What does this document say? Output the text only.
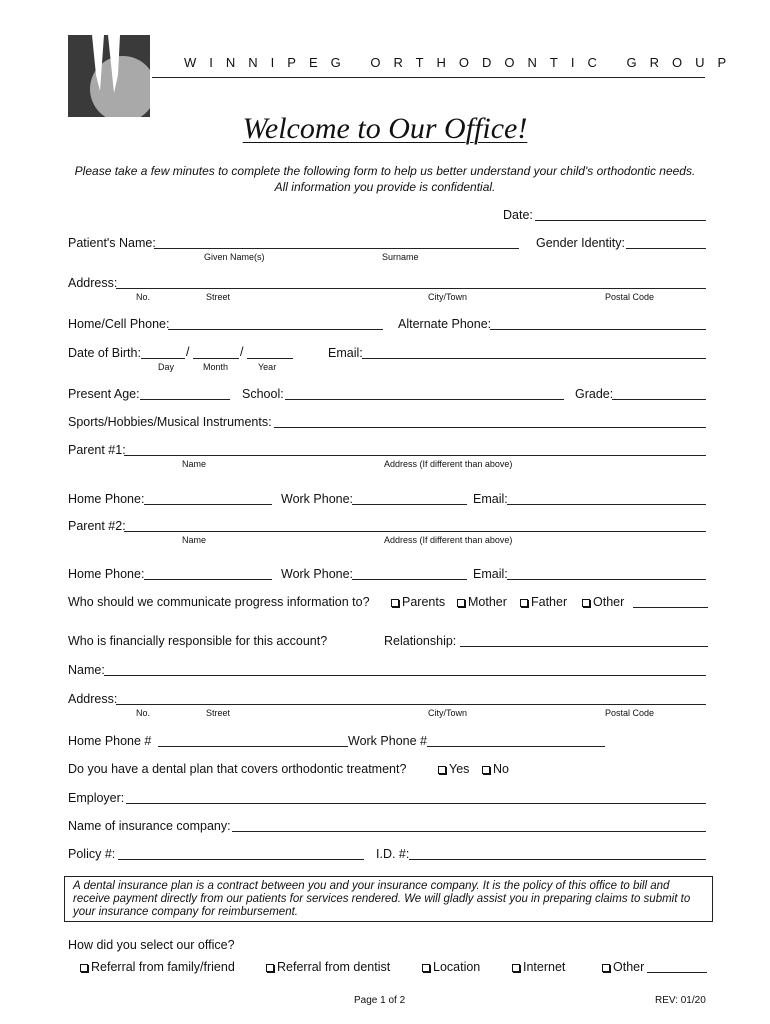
WINNIPEG ORTHODONTIC GROUP
Welcome to Our Office!
Please take a few minutes to complete the following form to help us better understand your child's orthodontic needs.
All information you provide is confidential.
Date:
Patient's Name:
Given Name(s)	Surname
Gender Identity:
Address:
No.	Street	City/Town	Postal Code
Home/Cell Phone:	Alternate Phone:
Date of Birth:	/	/
Day	Month	Year
Email:
Present Age:	School:	Grade:
Sports/Hobbies/Musical Instruments:
Parent #1:
Name	Address (If different than above)
Home Phone:	Work Phone:	Email:
Parent #2:
Name	Address (If different than above)
Home Phone:	Work Phone:	Email:
Who should we communicate progress information to?	Parents	Mother	Father	Other
Who is financially responsible for this account?	Relationship:
Name:
Address:
No.	Street	City/Town	Postal Code
Home Phone #	Work Phone #
Do you have a dental plan that covers orthodontic treatment?	Yes	No
Employer:
Name of insurance company:
Policy #:	I.D. #:
A dental insurance plan is a contract between you and your insurance company. It is the policy of this office to bill and receive payment directly from our patients for services rendered. We will gladly assist you in preparing claims to submit to your insurance company for reimbursement.
How did you select our office?
Referral from family/friend	Referral from dentist	Location	Internet	Other
Page 1 of 2	REV: 01/20
